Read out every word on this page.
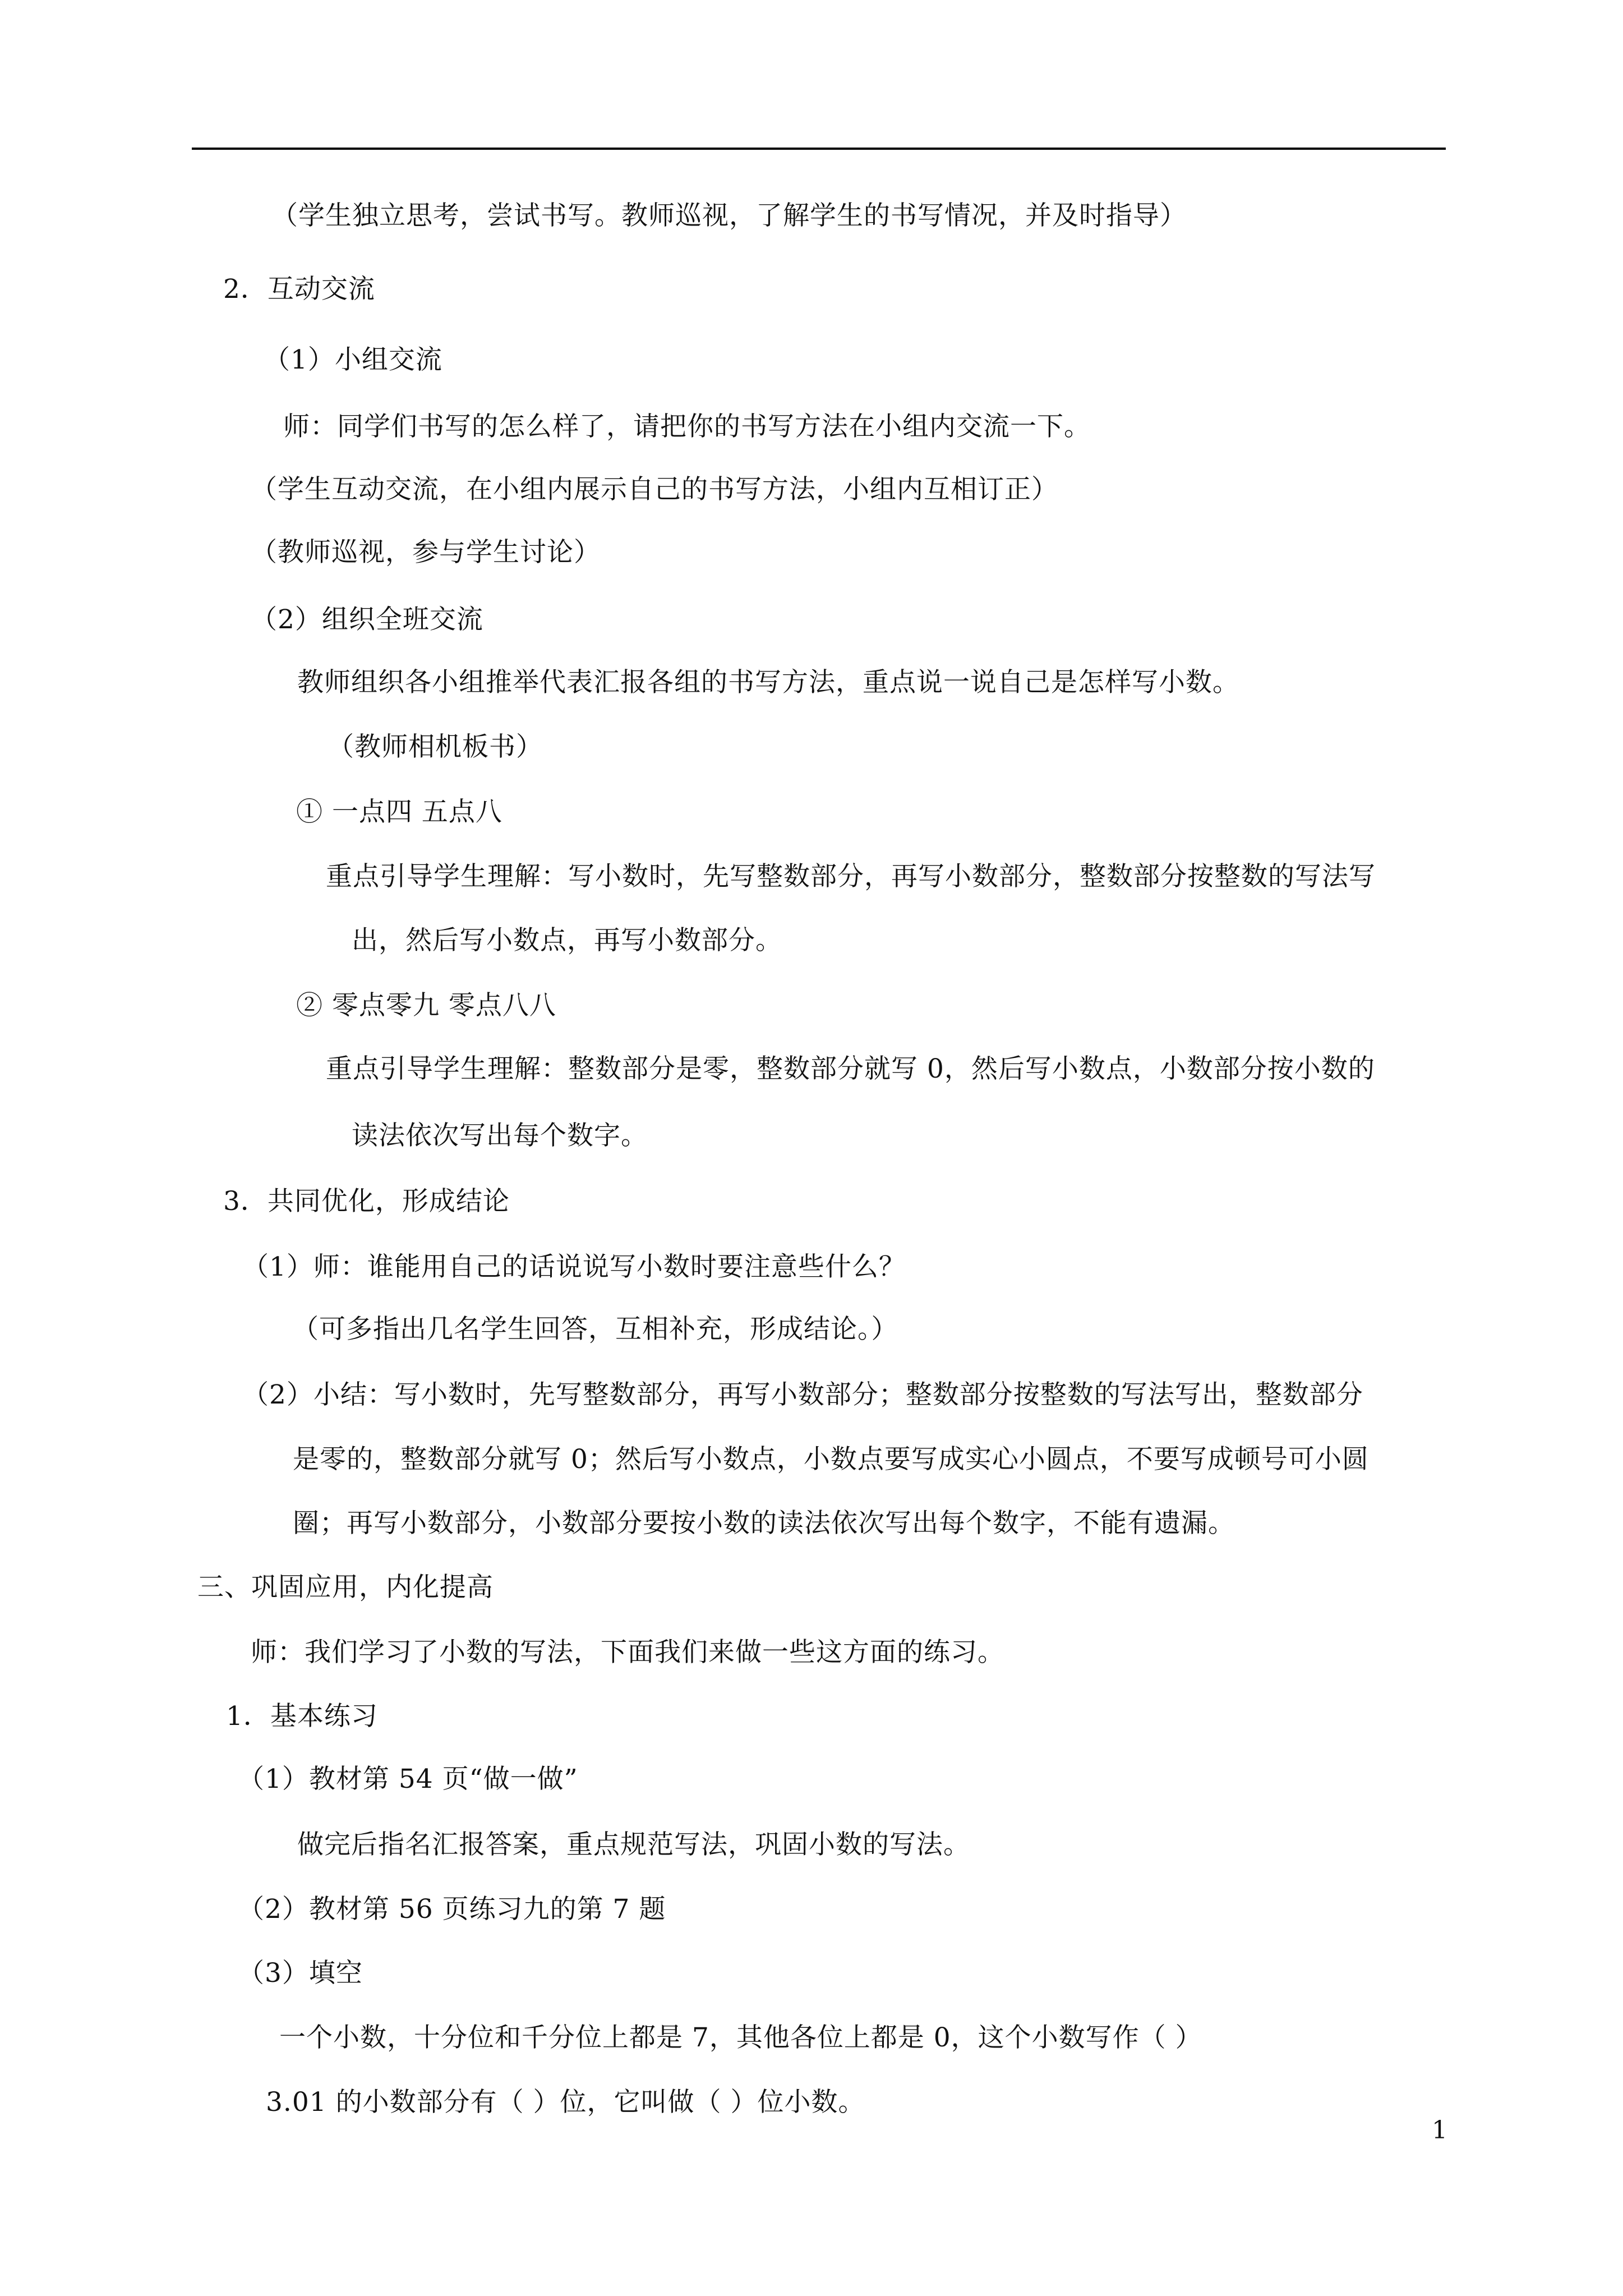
（学生独立思考，尝试书写。教师巡视，了解学生的书写情况，并及时指导）
2．互动交流
（1）小组交流
师：同学们书写的怎么样了，请把你的书写方法在小组内交流一下。
（学生互动交流，在小组内展示自己的书写方法，小组内互相订正）
（教师巡视，参与学生讨论）
（2）组织全班交流
教师组织各小组推举代表汇报各组的书写方法，重点说一说自己是怎样写小数。
（教师相机板书）
① 一点四 五点八
重点引导学生理解：写小数时，先写整数部分，再写小数部分，整数部分按整数的写法写
出，然后写小数点，再写小数部分。
② 零点零九 零点八八
重点引导学生理解：整数部分是零，整数部分就写 0，然后写小数点，小数部分按小数的
读法依次写出每个数字。
3．共同优化，形成结论
（1）师：谁能用自己的话说说写小数时要注意些什么？
（可多指出几名学生回答，互相补充，形成结论。）
（2）小结：写小数时，先写整数部分，再写小数部分；整数部分按整数的写法写出，整数部分
是零的，整数部分就写 0；然后写小数点，小数点要写成实心小圆点，不要写成顿号可小圆
圈；再写小数部分，小数部分要按小数的读法依次写出每个数字，不能有遗漏。
三、巩固应用，内化提高
师：我们学习了小数的写法，下面我们来做一些这方面的练习。
1．基本练习
（1）教材第 54 页“做一做”
做完后指名汇报答案，重点规范写法，巩固小数的写法。
（2）教材第 56 页练习九的第 7 题
（3）填空
一个小数，十分位和千分位上都是 7，其他各位上都是 0，这个小数写作（ ）
3.01 的小数部分有（ ）位，它叫做（ ）位小数。
1
